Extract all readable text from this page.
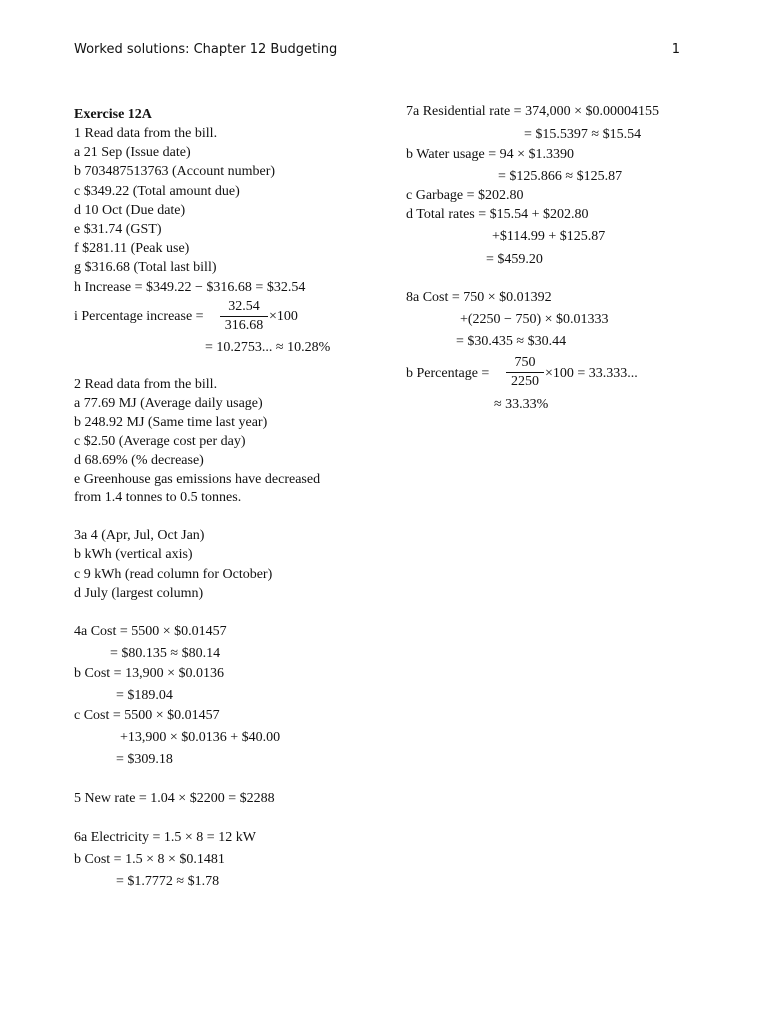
Worked solutions: Chapter 12 Budgeting	1
Exercise 12A
1 Read data from the bill.
a 21 Sep (Issue date)
b 703487513763 (Account number)
c $349.22 (Total amount due)
d 10 Oct (Due date)
e $31.74 (GST)
f $281.11 (Peak use)
g $316.68 (Total last bill)
h Increase = $349.22 − $316.68 = $32.54
i Percentage increase = $\frac{32.54}{316.68} \times 100$
= 10.2753... ≈ 10.28%
2 Read data from the bill.
a 77.69 MJ (Average daily usage)
b 248.92 MJ (Same time last year)
c $2.50 (Average cost per day)
d 68.69% (% decrease)
e Greenhouse gas emissions have decreased
from 1.4 tonnes to 0.5 tonnes.
3a 4 (Apr, Jul, Oct Jan)
b kWh (vertical axis)
c 9 kWh (read column for October)
d July (largest column)
4a Cost = 5500 × $0.01457
= $80.135 ≈ $80.14
b Cost = 13,900 × $0.0136
= $189.04
c Cost = 5500 × $0.01457
+13,900 × $0.0136 + $40.00
= $309.18
5 New rate = 1.04 × $2200 = $2288
6a Electricity = 1.5 × 8 = 12 kW
b Cost = 1.5 × 8 × $0.1481
= $1.7772 ≈ $1.78
7a Residential rate = 374,000 × $0.00004155
= $15.5397 ≈ $15.54
b Water usage = 94 × $1.3390
= $125.866 ≈ $125.87
c Garbage = $202.80
d Total rates = $15.54 + $202.80
+$114.99 + $125.87
= $459.20
8a Cost = 750 × $0.01392
+(2250 − 750) × $0.01333
= $30.435 ≈ $30.44
b Percentage = $\frac{750}{2250} \times 100 = 33.333$...
≈ 33.33%
